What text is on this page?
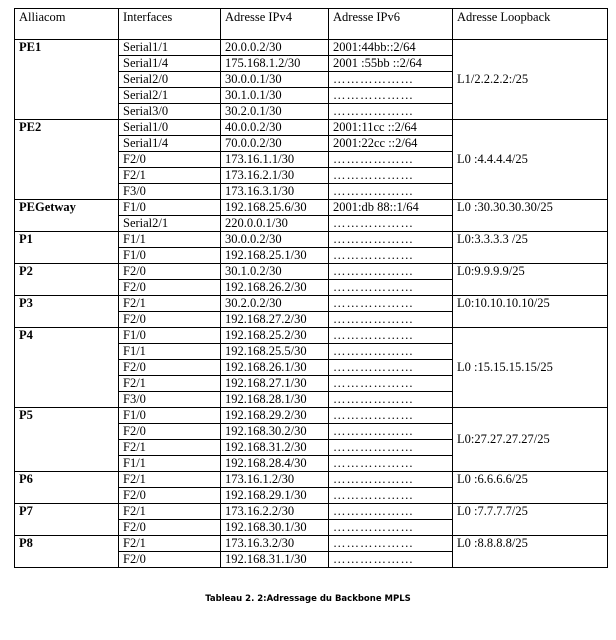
Alliacom	Interfaces	Adresse IPv4	Adresse IPv6	Adresse Loopback
PE1	Serial1/1	20.0.0.2/30	2001:44bb::2/64	L1/2.2.2.2:/25
	Serial1/4	175.168.1.2/30	2001 :55bb ::2/64	
	Serial2/0	30.0.0.1/30	………………	
	Serial2/1	30.1.0.1/30	………………	
	Serial3/0	30.2.0.1/30	………………	
PE2	Serial1/0	40.0.0.2/30	2001:11cc ::2/64	L0 :4.4.4.4/25
	Serial1/4	70.0.0.2/30	2001:22cc ::2/64	
	F2/0	173.16.1.1/30	………………	
	F2/1	173.16.2.1/30	………………	
	F3/0	173.16.3.1/30	………………	
PEGetway	F1/0	192.168.25.6/30	2001:db 88::1/64	L0 :30.30.30.30/25
	Serial2/1	220.0.0.1/30	………………	
P1	F1/1	30.0.0.2/30	………………	L0:3.3.3.3 /25
	F1/0	192.168.25.1/30	………………	
P2	F2/0	30.1.0.2/30	………………	L0:9.9.9.9/25
	F2/0	192.168.26.2/30	………………	
P3	F2/1	30.2.0.2/30	………………	L0:10.10.10.10/25
	F2/0	192.168.27.2/30	………………	
P4	F1/0	192.168.25.2/30	………………	L0 :15.15.15.15/25
	F1/1	192.168.25.5/30	………………	
	F2/0	192.168.26.1/30	………………	
	F2/1	192.168.27.1/30	………………	
	F3/0	192.168.28.1/30	………………	
P5	F1/0	192.168.29.2/30	………………	L0:27.27.27.27/25
	F2/0	192.168.30.2/30	………………	
	F2/1	192.168.31.2/30	………………	
	F1/1	192.168.28.4/30	………………	
P6	F2/1	173.16.1.2/30	………………	L0 :6.6.6.6/25
	F2/0	192.168.29.1/30	………………	
P7	F2/1	173.16.2.2/30	………………	L0 :7.7.7.7/25
	F2/0	192.168.30.1/30	………………	
P8	F2/1	173.16.3.2/30	………………	L0 :8.8.8.8/25
	F2/0	192.168.31.1/30	………………	
Tableau 2. 2:Adressage du Backbone MPLS
